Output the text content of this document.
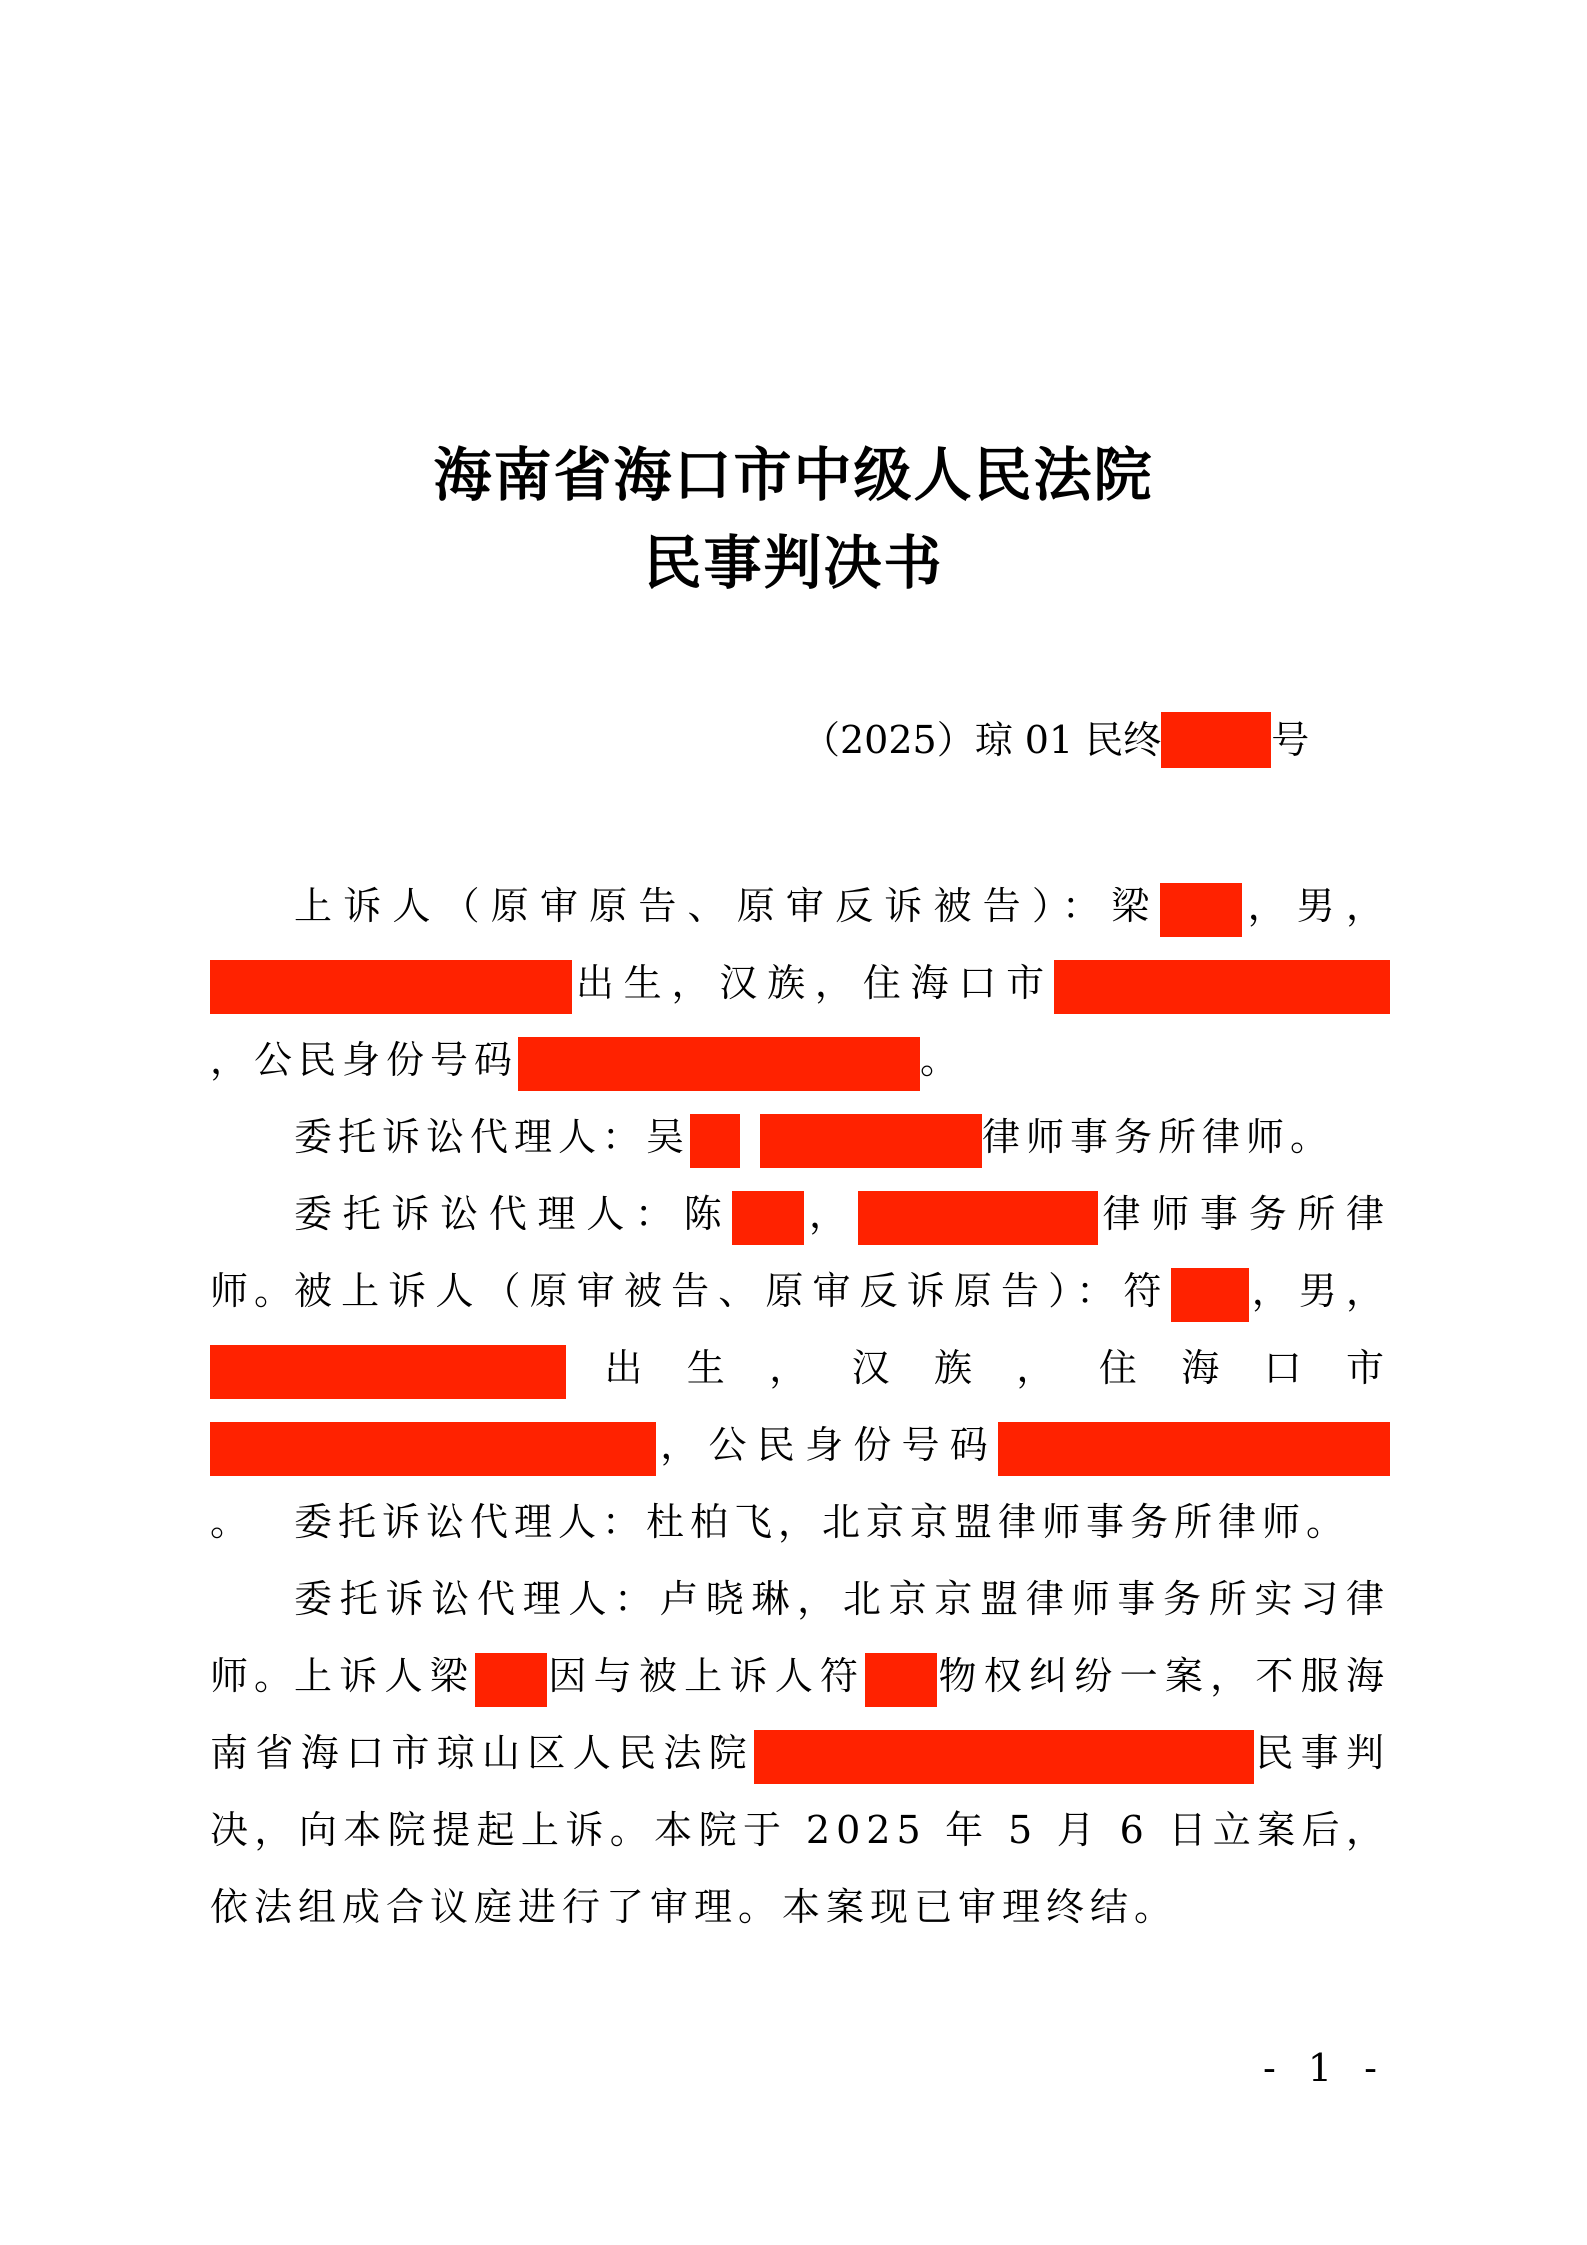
海南省海口市中级人民法院
民事判决书
（2025）琼 01 民终	号

上诉人（原审原告、原审反诉被告）：梁 ，男，出生，汉族，住海口市，公民身份号码	。

委托诉讼代理人：吴	律师事务所律师。

委托诉讼代理人：陈 ，	律师事务所律师。

被上诉人（原审被告、原审反诉原告）：符 ，男，出生，汉族，住海口市，公民身份号码。	委托诉讼代理人：杜柏飞，北京京盟律师事务所律师。

委托诉讼代理人：卢晓琳，北京京盟律师事务所实习律师。

上诉人梁 因与被上诉人符 物权纠纷一案，不服海南省海口市琼山区人民法院	民事判决，向本院提起上诉。本院于 2025 年 5 月 6 日立案后，依法组成合议庭进行了审理。本案现已审理终结。

- 1 -
